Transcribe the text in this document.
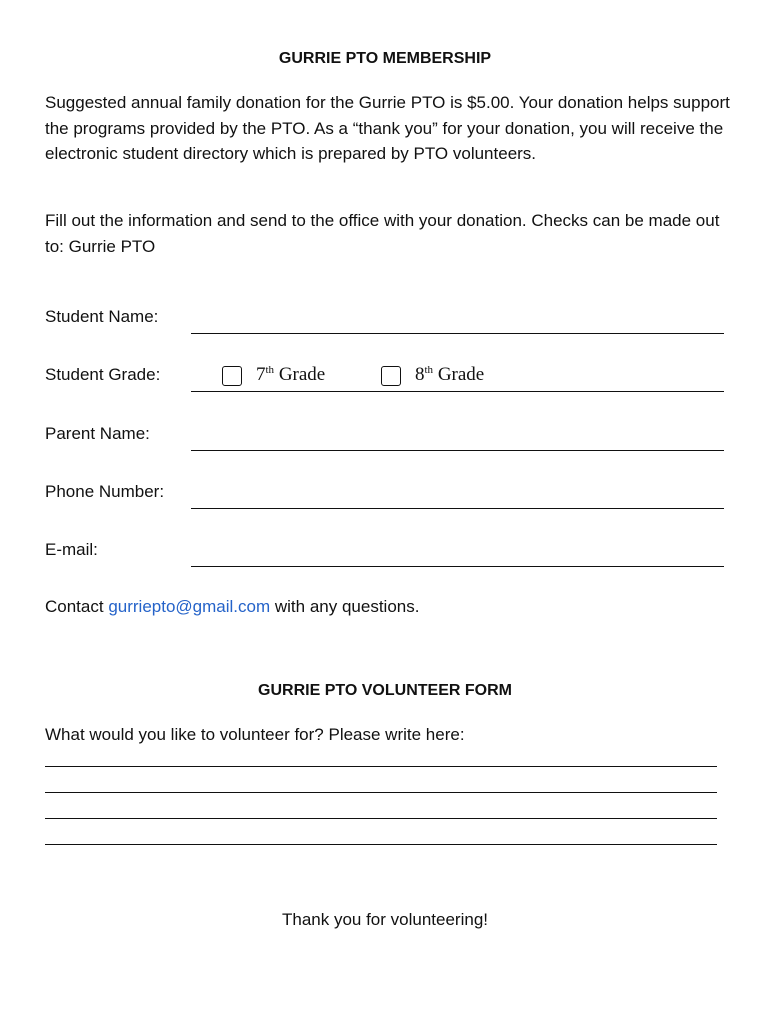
GURRIE PTO MEMBERSHIP
Suggested annual family donation for the Gurrie PTO is $5.00. Your donation helps support the programs provided by the PTO. As a “thank you” for your donation, you will receive the electronic student directory which is prepared by PTO volunteers.
Fill out the information and send to the office with your donation. Checks can be made out to: Gurrie PTO
Student Name:
Student Grade:	7th Grade	8th Grade
Parent Name:
Phone Number:
E-mail:
Contact gurriepto@gmail.com with any questions.
GURRIE PTO VOLUNTEER FORM
What would you like to volunteer for? Please write here:
Thank you for volunteering!
